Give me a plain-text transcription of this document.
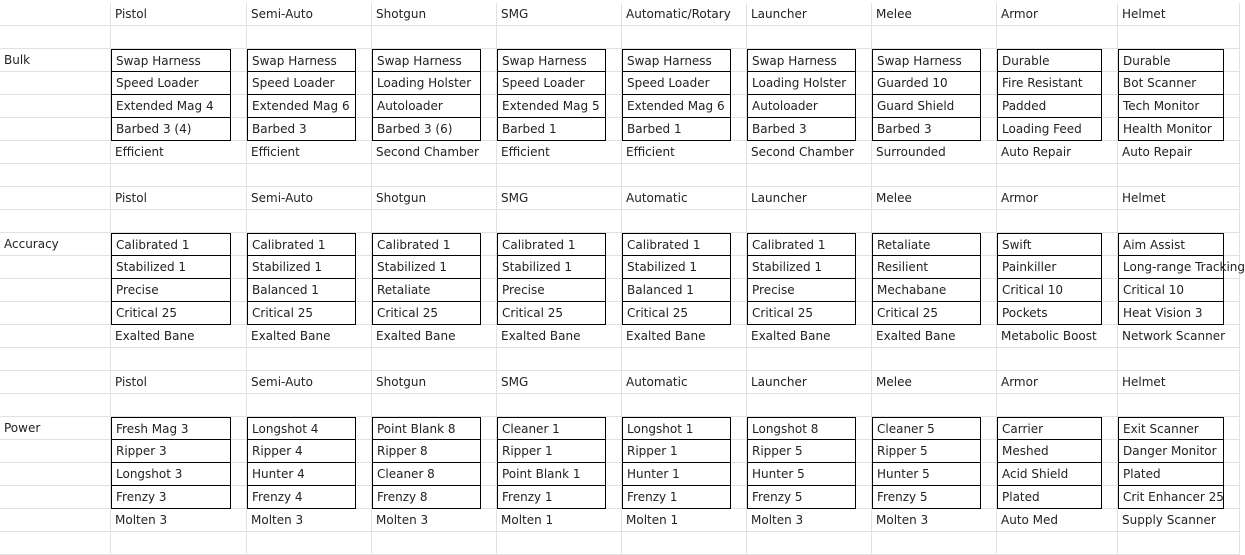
Pistol	Semi-Auto	Shotgun	SMG	Automatic/Rotary	Launcher	Melee	Armor	Helmet
Bulk	Swap Harness	Swap Harness	Swap Harness	Swap Harness	Swap Harness	Swap Harness	Swap Harness	Durable	Durable
Speed Loader	Speed Loader	Loading Holster	Speed Loader	Speed Loader	Loading Holster	Guarded 10	Fire Resistant	Bot Scanner
Extended Mag 4	Extended Mag 6	Autoloader	Extended Mag 5	Extended Mag 6	Autoloader	Guard Shield	Padded	Tech Monitor
Barbed 3 (4)	Barbed 3	Barbed 3 (6)	Barbed 1	Barbed 1	Barbed 3	Barbed 3	Loading Feed	Health Monitor
Efficient	Efficient	Second Chamber	Efficient	Efficient	Second Chamber	Surrounded	Auto Repair	Auto Repair
Pistol	Semi-Auto	Shotgun	SMG	Automatic	Launcher	Melee	Armor	Helmet
Accuracy	Calibrated 1	Calibrated 1	Calibrated 1	Calibrated 1	Calibrated 1	Calibrated 1	Retaliate	Swift	Aim Assist
Stabilized 1	Stabilized 1	Stabilized 1	Stabilized 1	Stabilized 1	Stabilized 1	Resilient	Painkiller	Long-range Tracking
Precise	Balanced 1	Retaliate	Precise	Balanced 1	Precise	Mechabane	Critical 10	Critical 10
Critical 25	Critical 25	Critical 25	Critical 25	Critical 25	Critical 25	Critical 25	Pockets	Heat Vision 3
Exalted Bane	Exalted Bane	Exalted Bane	Exalted Bane	Exalted Bane	Exalted Bane	Exalted Bane	Metabolic Boost	Network Scanner
Pistol	Semi-Auto	Shotgun	SMG	Automatic	Launcher	Melee	Armor	Helmet
Power	Fresh Mag 3	Longshot 4	Point Blank 8	Cleaner 1	Longshot 1	Longshot 8	Cleaner 5	Carrier	Exit Scanner
Ripper 3	Ripper 4	Ripper 8	Ripper 1	Ripper 1	Ripper 5	Ripper 5	Meshed	Danger Monitor
Longshot 3	Hunter 4	Cleaner 8	Point Blank 1	Hunter 1	Hunter 5	Hunter 5	Acid Shield	Plated
Frenzy 3	Frenzy 4	Frenzy 8	Frenzy 1	Frenzy 1	Frenzy 5	Frenzy 5	Plated	Crit Enhancer 25
Molten 3	Molten 3	Molten 3	Molten 1	Molten 1	Molten 3	Molten 3	Auto Med	Supply Scanner
